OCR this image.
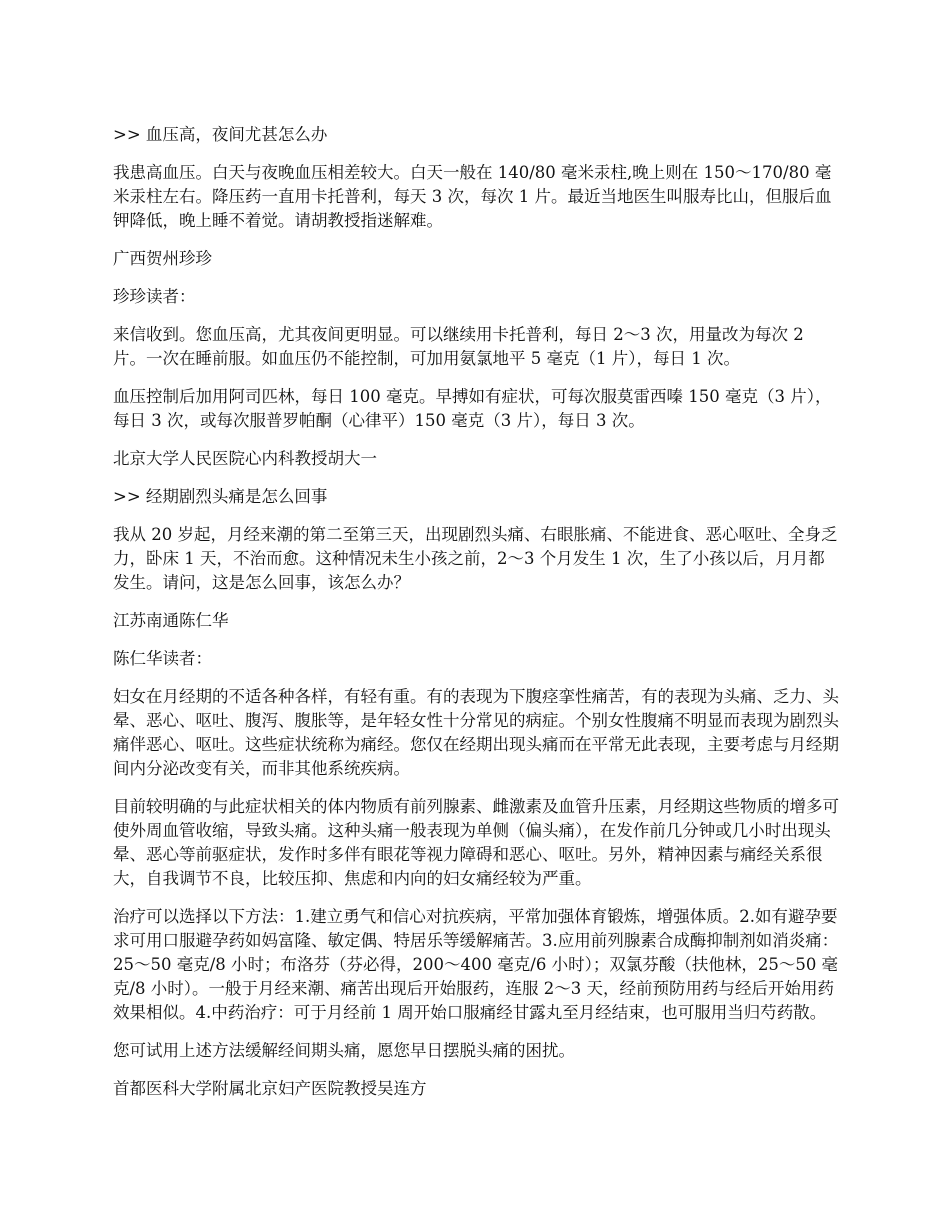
>> 血压高，夜间尤甚怎么办

我患高血压。白天与夜晚血压相差较大。白天一般在 140/80 毫米汞柱,晚上则在 150～170/80 毫米汞柱左右。降压药一直用卡托普利，每天 3 次，每次 1 片。最近当地医生叫服寿比山，但服后血钾降低，晚上睡不着觉。请胡教授指迷解难。

广西贺州珍珍

珍珍读者：

来信收到。您血压高，尤其夜间更明显。可以继续用卡托普利，每日 2～3 次，用量改为每次 2 片。一次在睡前服。如血压仍不能控制，可加用氨氯地平 5 毫克（1 片），每日 1 次。

血压控制后加用阿司匹林，每日 100 毫克。早搏如有症状，可每次服莫雷西嗪 150 毫克（3 片），每日 3 次，或每次服普罗帕酮（心律平）150 毫克（3 片），每日 3 次。

北京大学人民医院心内科教授胡大一

>> 经期剧烈头痛是怎么回事

我从 20 岁起，月经来潮的第二至第三天，出现剧烈头痛、右眼胀痛、不能进食、恶心呕吐、全身乏力，卧床 1 天，不治而愈。这种情况未生小孩之前，2～3 个月发生 1 次，生了小孩以后，月月都发生。请问，这是怎么回事，该怎么办？

江苏南通陈仁华

陈仁华读者：

妇女在月经期的不适各种各样，有轻有重。有的表现为下腹痉挛性痛苦，有的表现为头痛、乏力、头晕、恶心、呕吐、腹泻、腹胀等，是年轻女性十分常见的病症。个别女性腹痛不明显而表现为剧烈头痛伴恶心、呕吐。这些症状统称为痛经。您仅在经期出现头痛而在平常无此表现，主要考虑与月经期间内分泌改变有关，而非其他系统疾病。

目前较明确的与此症状相关的体内物质有前列腺素、雌激素及血管升压素，月经期这些物质的增多可使外周血管收缩，导致头痛。这种头痛一般表现为单侧（偏头痛），在发作前几分钟或几小时出现头晕、恶心等前驱症状，发作时多伴有眼花等视力障碍和恶心、呕吐。另外，精神因素与痛经关系很大，自我调节不良，比较压抑、焦虑和内向的妇女痛经较为严重。

治疗可以选择以下方法：1.建立勇气和信心对抗疾病，平常加强体育锻炼，增强体质。2.如有避孕要求可用口服避孕药如妈富隆、敏定偶、特居乐等缓解痛苦。3.应用前列腺素合成酶抑制剂如消炎痛：25～50 毫克/8 小时；布洛芬（芬必得，200～400 毫克/6 小时）；双氯芬酸（扶他林，25～50 毫克/8 小时）。一般于月经来潮、痛苦出现后开始服药，连服 2～3 天，经前预防用药与经后开始用药效果相似。4.中药治疗：可于月经前 1 周开始口服痛经甘露丸至月经结束，也可服用当归芍药散。

您可试用上述方法缓解经间期头痛，愿您早日摆脱头痛的困扰。

首都医科大学附属北京妇产医院教授吴连方
